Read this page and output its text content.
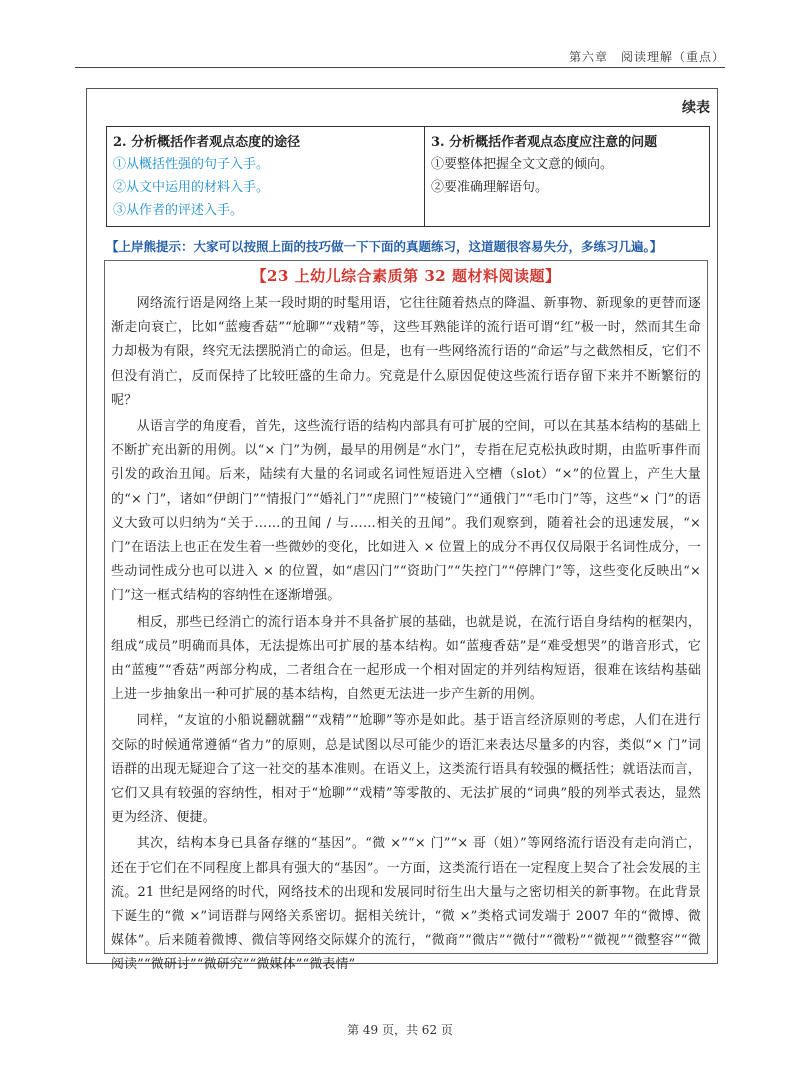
第六章　阅读理解（重点）
续表
2. 分析概括作者观点态度的途径
①从概括性强的句子入手。
②从文中运用的材料入手。
③从作者的评述入手。

3. 分析概括作者观点态度应注意的问题
①要整体把握全文文意的倾向。
②要准确理解语句。
【上岸熊提示：大家可以按照上面的技巧做一下下面的真题练习，这道题很容易失分，多练习几遍。】
【23 上幼儿综合素质第 32 题材料阅读题】

网络流行语是网络上某一段时期的时髦用语，它往往随着热点的降温、新事物、新现象的更替而逐渐走向衰亡，比如“蓝瘦香菇”“尬聊”“戏精”等，这些耳熟能详的流行语可谓“红”极一时，然而其生命力却极为有限，终究无法摆脱消亡的命运。但是，也有一些网络流行语的“命运”与之截然相反，它们不但没有消亡，反而保持了比较旺盛的生命力。究竟是什么原因促使这些流行语存留下来并不断繁衍的呢？

从语言学的角度看，首先，这些流行语的结构内部具有可扩展的空间，可以在其基本结构的基础上不断扩充出新的用例。以“× 门”为例，最早的用例是“水门”，专指在尼克松执政时期，由监听事件而引发的政治丑闻。后来，陆续有大量的名词或名词性短语进入空槽（slot）“×”的位置上，产生大量的“× 门”，诸如“伊朗门”“情报门”“婚礼门”“虎照门”“棱镜门”“通俄门”“毛巾门”等，这些“× 门”的语义大致可以归纳为“关于……的丑闻 / 与……相关的丑闻”。我们观察到，随着社会的迅速发展，“× 门”在语法上也正在发生着一些微妙的变化，比如进入 × 位置上的成分不再仅仅局限于名词性成分，一些动词性成分也可以进入 × 的位置，如“虐囚门”“资助门”“失控门”“停牌门”等，这些变化反映出“× 门”这一框式结构的容纳性在逐渐增强。

相反，那些已经消亡的流行语本身并不具备扩展的基础，也就是说，在流行语自身结构的框架内，组成“成员”明确而具体，无法提炼出可扩展的基本结构。如“蓝瘦香菇”是“难受想哭”的谐音形式，它由“蓝瘦”“香菇”两部分构成，二者组合在一起形成一个相对固定的并列结构短语，很难在该结构基础上进一步抽象出一种可扩展的基本结构，自然更无法进一步产生新的用例。

同样，“友谊的小船说翻就翻”“戏精”“尬聊”等亦是如此。基于语言经济原则的考虑，人们在进行交际的时候通常遵循“省力”的原则，总是试图以尽可能少的语汇来表达尽量多的内容，类似“× 门”词语群的出现无疑迎合了这一社交的基本准则。在语义上，这类流行语具有较强的概括性；就语法而言，它们又具有较强的容纳性，相对于“尬聊”“戏精”等零散的、无法扩展的“词典”般的列举式表达，显然更为经济、便捷。

其次，结构本身已具备存继的“基因”。“微 ×”“× 门”“× 哥（姐）”等网络流行语没有走向消亡，还在于它们在不同程度上都具有强大的“基因”。一方面，这类流行语在一定程度上契合了社会发展的主流。21 世纪是网络的时代，网络技术的出现和发展同时衍生出大量与之密切相关的新事物。在此背景下诞生的“微 ×”词语群与网络关系密切。据相关统计，“微 ×”类格式词发端于 2007 年的“微博、微媒体”。后来随着微博、微信等网络交际媒介的流行，“微商”“微店”“微付”“微粉”“微视”“微整容”“微阅读”“微研讨”“微研究”“微媒体”“微表情”

第 49 页，共 62 页
